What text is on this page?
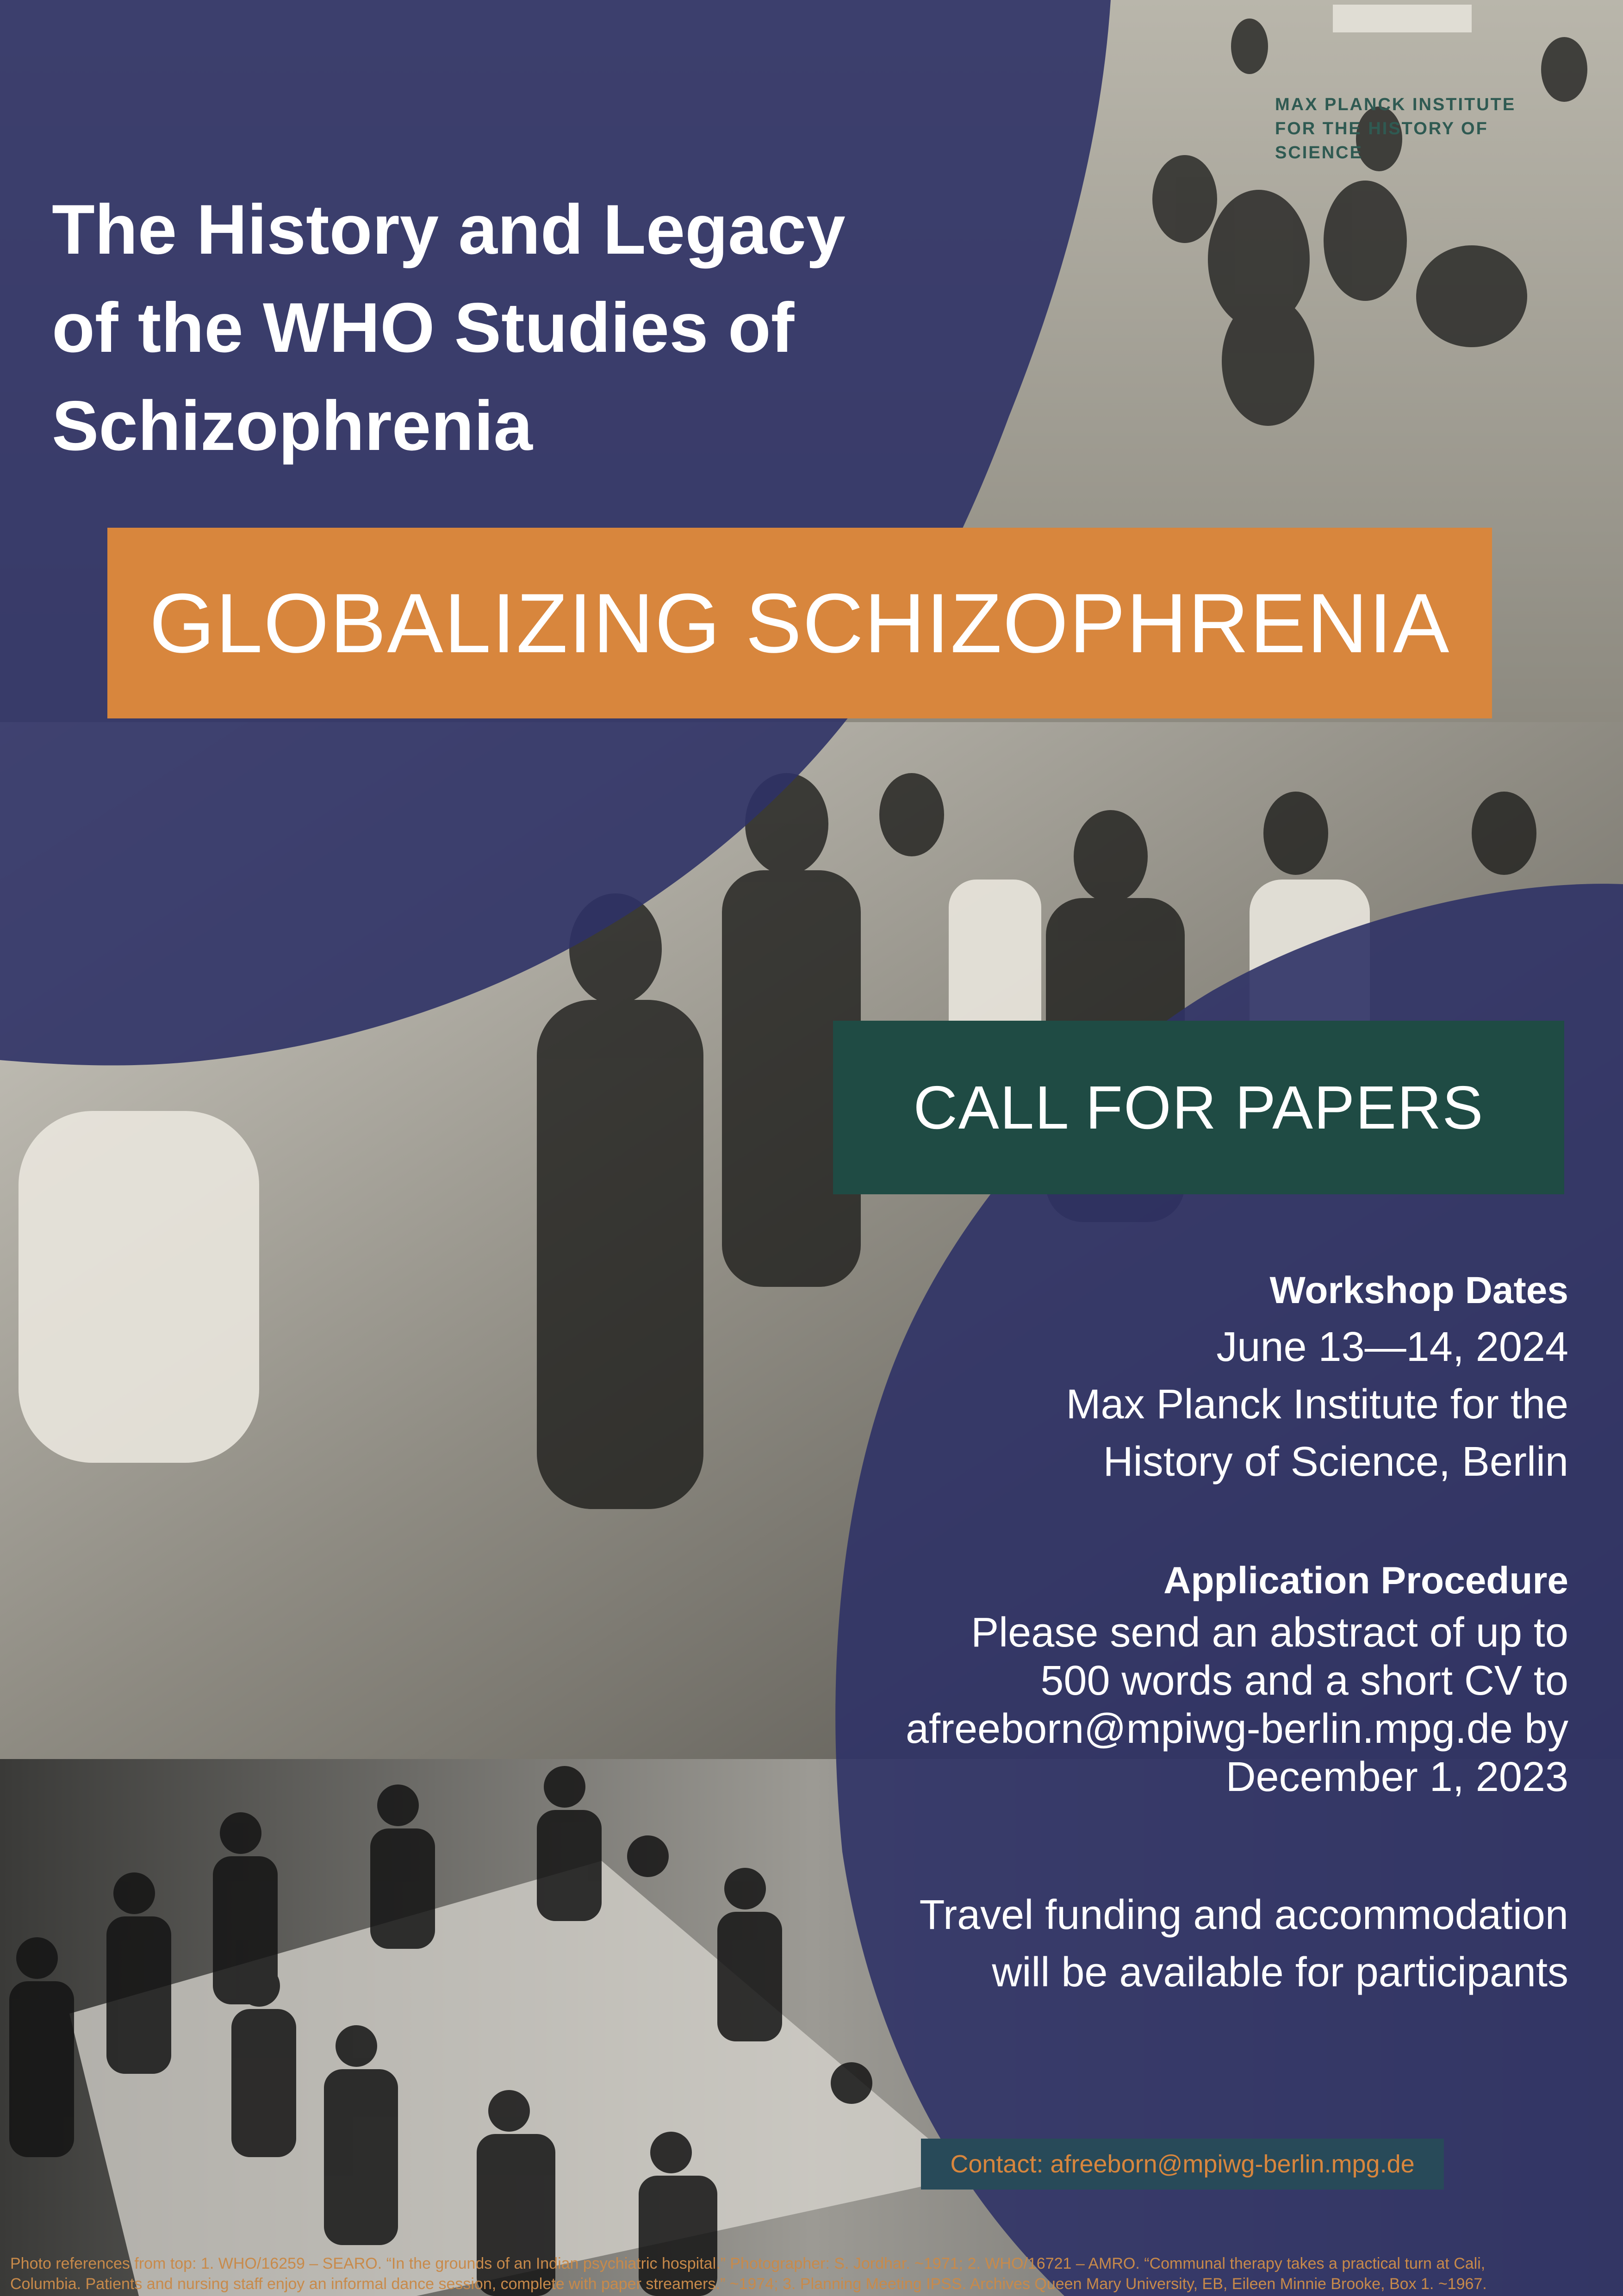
MAX PLANCK INSTITUTE
FOR THE HISTORY OF SCIENCE
The History and Legacy
of the WHO Studies of
Schizophrenia
GLOBALIZING SCHIZOPHRENIA
CALL FOR PAPERS
Workshop Dates
June 13—14, 2024
Max Planck Institute for the
History of Science, Berlin
Application Procedure
Please send an abstract of up to
500 words and a short CV to
afreeborn@mpiwg-berlin.mpg.de by
December 1, 2023
Travel funding and accommodation
will be available for participants
Contact: afreeborn@mpiwg-berlin.mpg.de
Photo references from top: 1. WHO/16259 – SEARO. “In the grounds of an Indian psychiatric hospital.” Photographer: S. Jordhar. ~1971; 2. WHO/16721 – AMRO. “Communal therapy takes a practical turn at Cali,
Columbia. Patients and nursing staff enjoy an informal dance session, complete with paper streamers.” ~1974; 3. Planning Meeting IPSS. Archives Queen Mary University, EB, Eileen Minnie Brooke, Box 1. ~1967.
